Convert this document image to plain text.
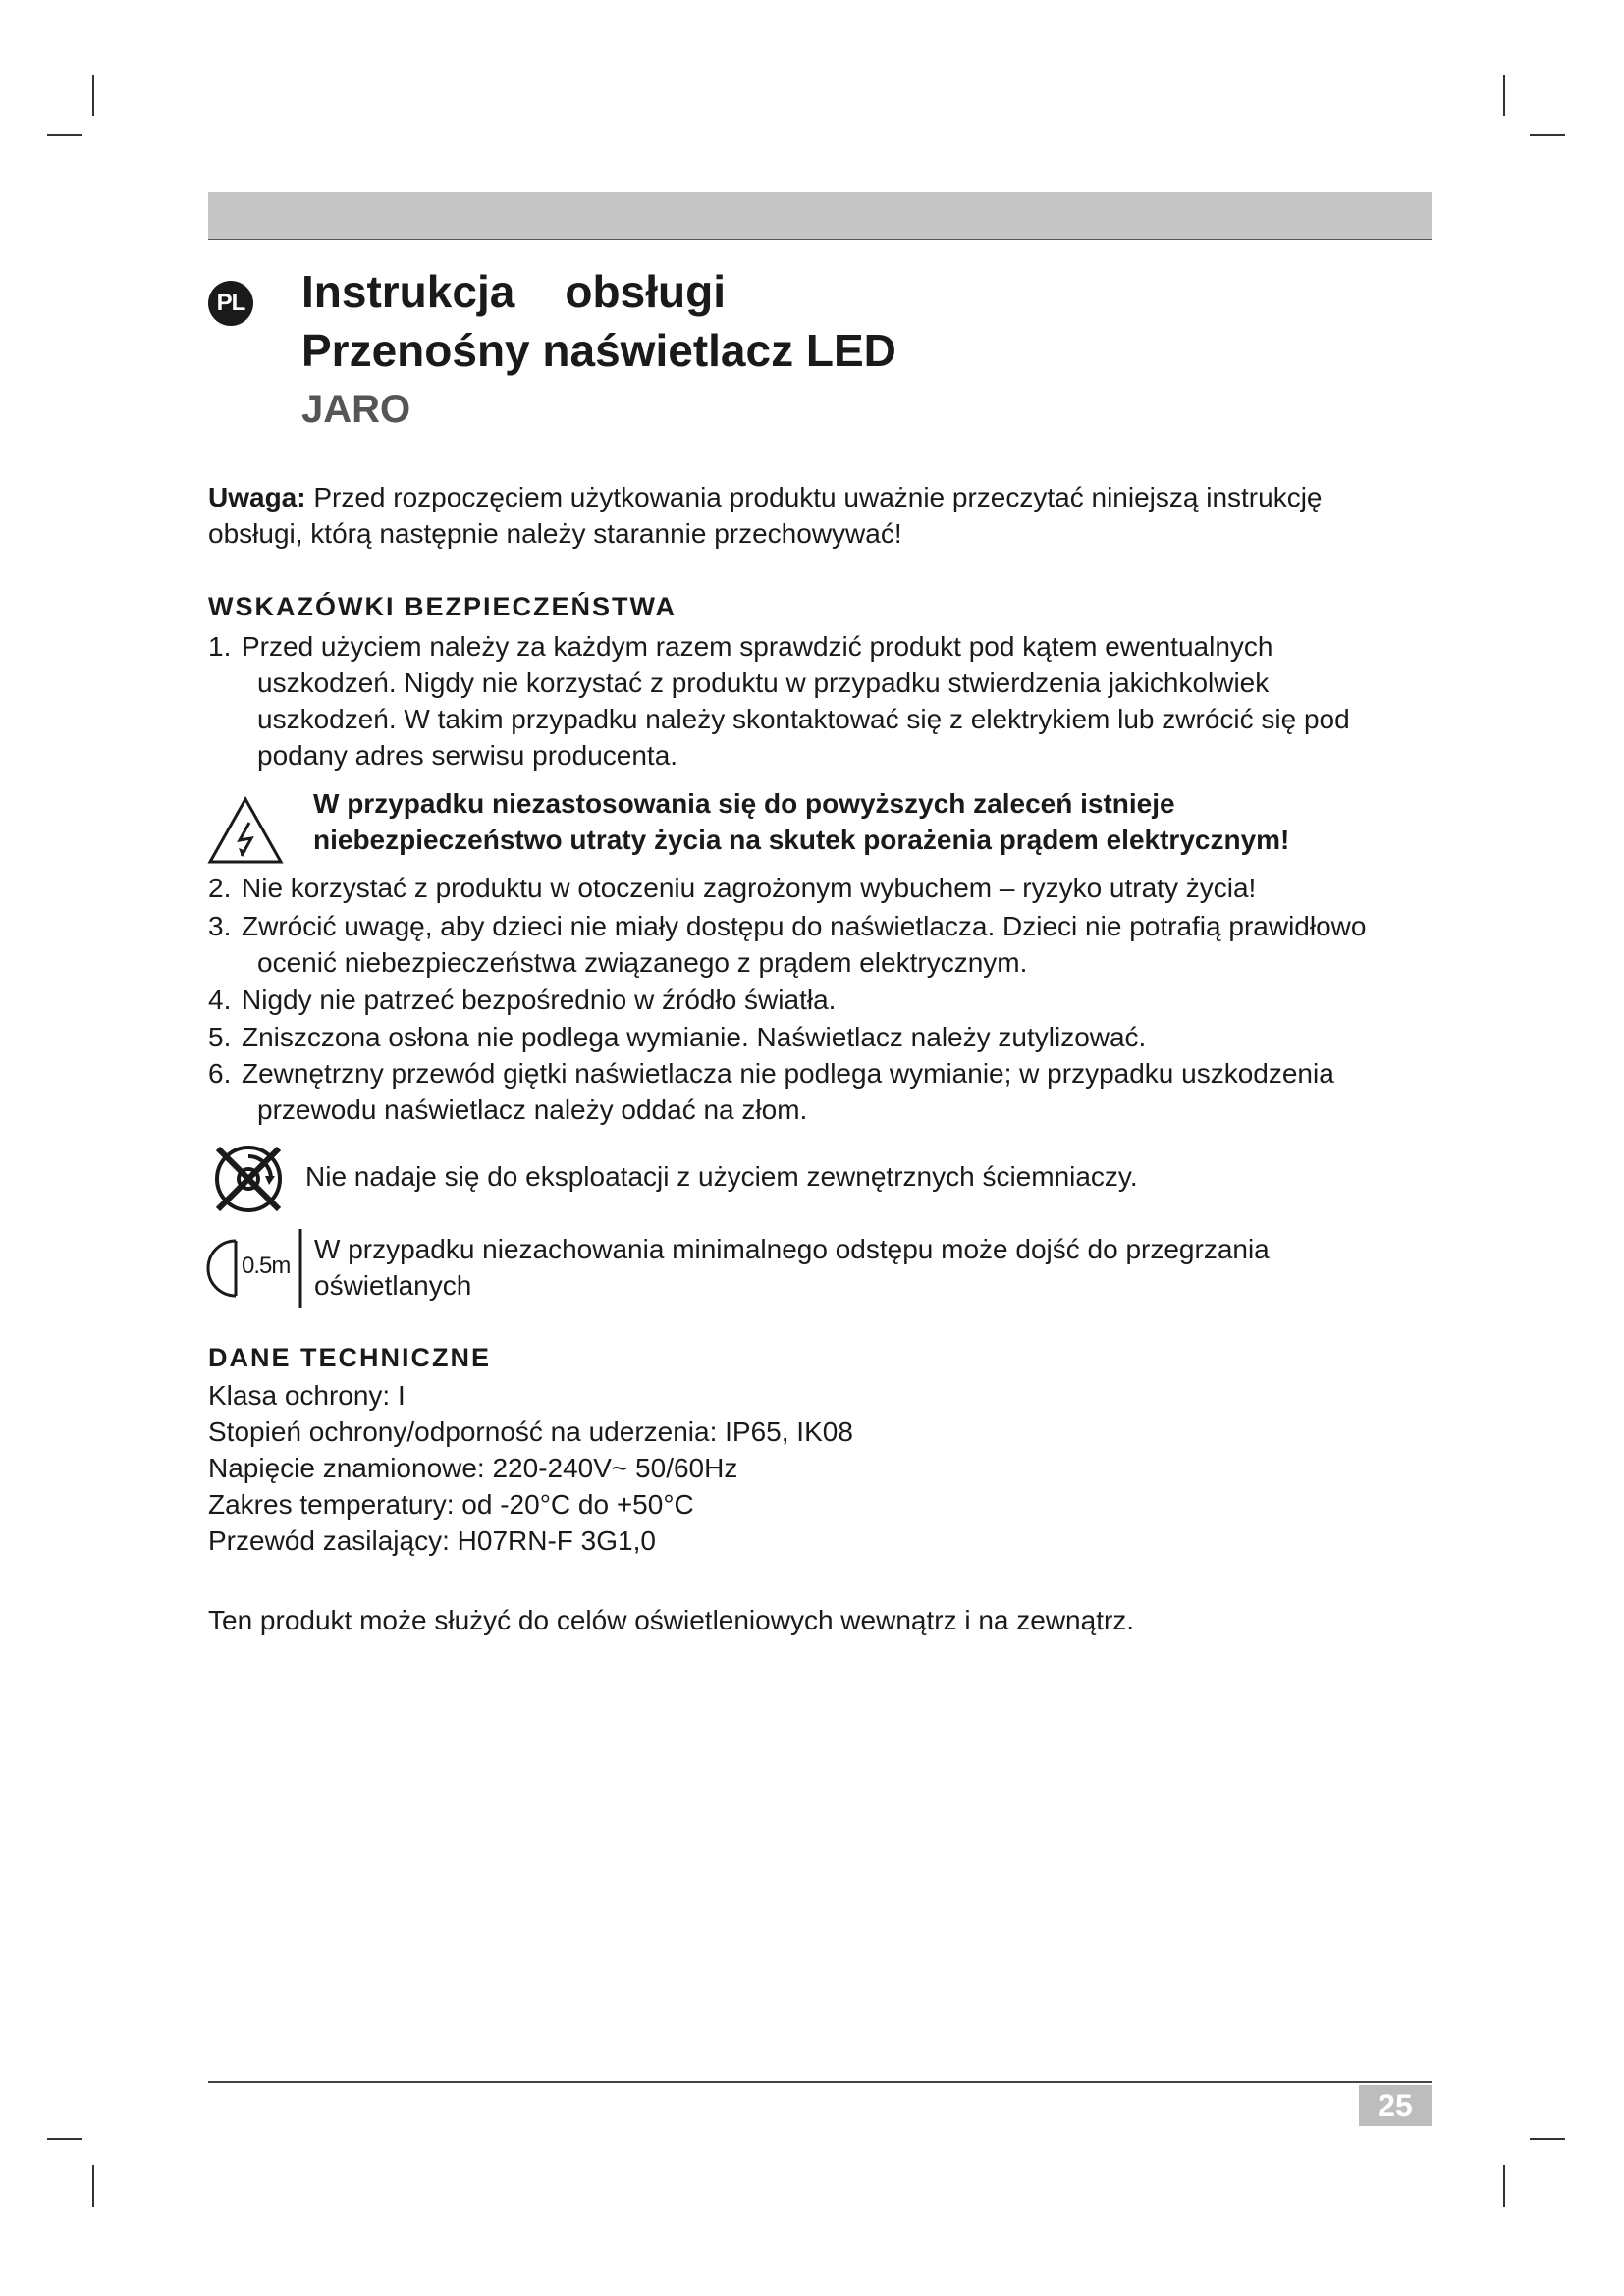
PL Instrukcja    obsługi
Przenośny naświetlacz LED
JARO
Uwaga: Przed rozpoczęciem użytkowania produktu uważnie przeczytać niniejszą instrukcję
obsługi, którą następnie należy starannie przechowywać!
WSKAZÓWKI BEZPIECZEŃSTWA
1. Przed użyciem należy za każdym razem sprawdzić produkt pod kątem ewentualnych
uszkodzeń. Nigdy nie korzystać z produktu w przypadku stwierdzenia jakichkolwiek
uszkodzeń. W takim przypadku należy skontaktować się z elektrykiem lub zwrócić się pod
podany adres serwisu producenta.
W przypadku niezastosowania się do powyższych zaleceń istnieje
niebezpieczeństwo utraty życia na skutek porażenia prądem elektrycznym!
2. Nie korzystać z produktu w otoczeniu zagrożonym wybuchem – ryzyko utraty życia!
3. Zwrócić uwagę, aby dzieci nie miały dostępu do naświetlacza. Dzieci nie potrafią prawidłowo
ocenić niebezpieczeństwa związanego z prądem elektrycznym.
4. Nigdy nie patrzeć bezpośrednio w źródło światła.
5. Zniszczona osłona nie podlega wymianie. Naświetlacz należy zutylizować.
6. Zewnętrzny przewód giętki naświetlacza nie podlega wymianie; w przypadku uszkodzenia
przewodu naświetlacz należy oddać na złom.
Nie nadaje się do eksploatacji z użyciem zewnętrznych ściemniaczy.
0.5m
W przypadku niezachowania minimalnego odstępu może dojść do przegrzania
oświetlanych
DANE TECHNICZNE
Klasa ochrony: I
Stopień ochrony/odporność na uderzenia: IP65, IK08
Napięcie znamionowe: 220-240V~ 50/60Hz
Zakres temperatury: od -20°C do +50°C
Przewód zasilający: H07RN-F 3G1,0
Ten produkt może służyć do celów oświetleniowych wewnątrz i na zewnątrz.
25
